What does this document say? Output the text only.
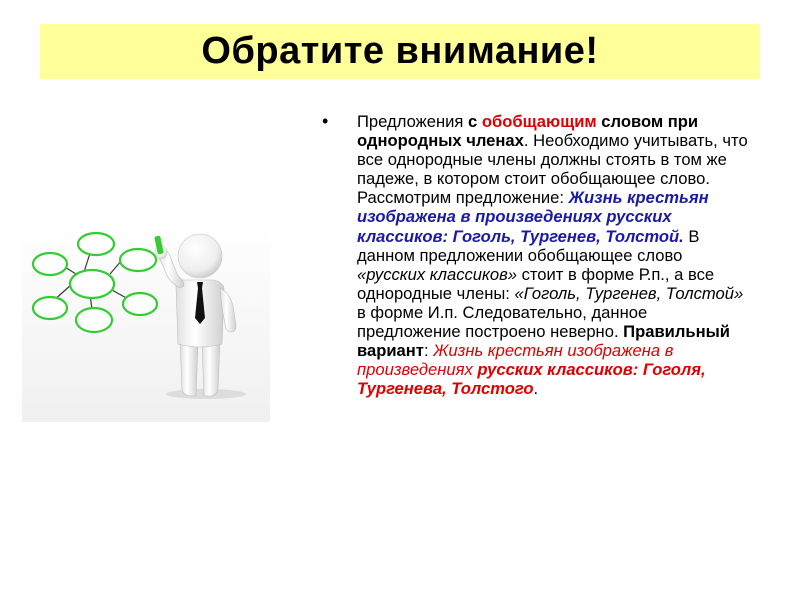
Обратите внимание!
• Предложения с обобщающим словом при однородных членах. Необходимо учитывать, что все однородные члены должны стоять в том же падеже, в котором стоит обобщающее слово. Рассмотрим предложение: Жизнь крестьян изображена в произведениях русских классиков: Гоголь, Тургенев, Толстой. В данном предложении обобщающее слово «русских классиков» стоит в форме Р.п., а все однородные члены: «Гоголь, Тургенев, Толстой» в форме И.п. Следовательно, данное предложение построено неверно. Правильный вариант: Жизнь крестьян изображена в произведениях русских классиков: Гоголя, Тургенева, Толстого.
